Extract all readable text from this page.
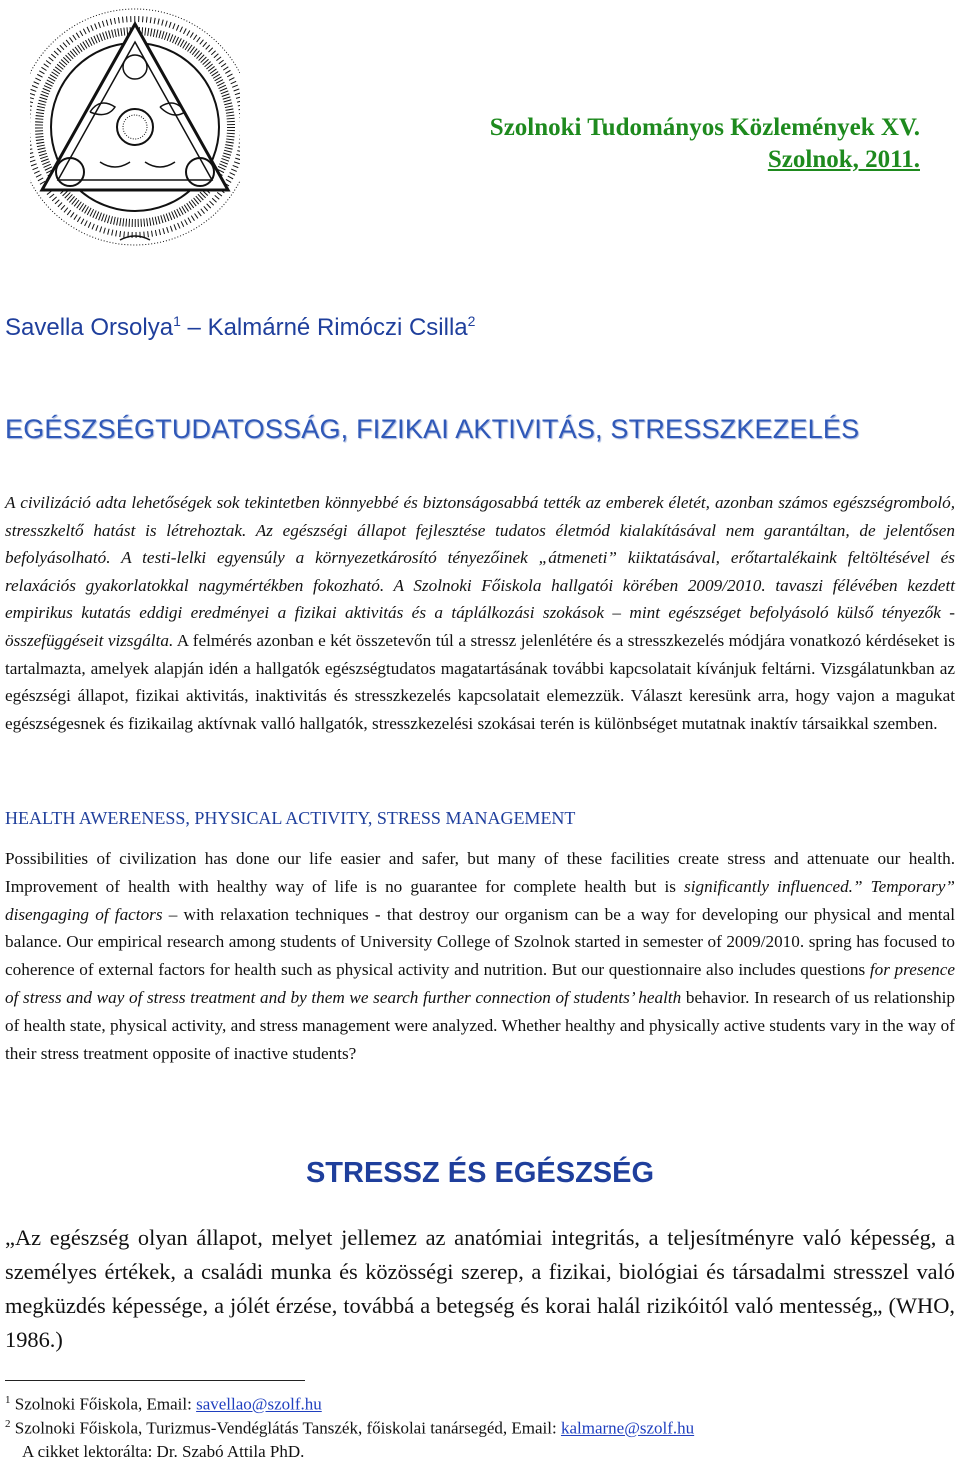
Szolnoki Tudományos Közlemények XV.
Szolnok, 2011.
Savella Orsolya$^1$ – Kalmárné Rimóczi Csilla$^2$
EGÉSZSÉGTUDATOSSÁG, FIZIKAI AKTIVITÁS, STRESSZKEZELÉS
A civilizáció adta lehetőségek sok tekintetben könnyebbé és biztonságosabbá tették az emberek életét, azonban számos egészségromboló, stresszkeltő hatást is létrehoztak. Az egészségi állapot fejlesztése tudatos életmód kialakításával nem garantáltan, de jelentősen befolyásolható. A testi-lelki egyensúly a környezetkárosító tényezőinek „átmeneti” kiiktatásával, erőtartalékaink feltöltésével és relaxációs gyakorlatokkal nagymértékben fokozható. A Szolnoki Főiskola hallgatói körében 2009/2010. tavaszi félévében kezdett empirikus kutatás eddigi eredményei a fizikai aktivitás és a táplálkozási szokások – mint egészséget befolyásoló külső tényezők - összefüggéseit vizsgálta. A felmérés azonban e két összetevőn túl a stressz jelenlétére és a stresszkezelés módjára vonatkozó kérdéseket is tartalmazta, amelyek alapján idén a hallgatók egészségtudatos magatartásának további kapcsolatait kívánjuk feltárni. Vizsgálatunkban az egészségi állapot, fizikai aktivitás, inaktivitás és stresszkezelés kapcsolatait elemezzük. Választ keresünk arra, hogy vajon a magukat egészségesnek és fizikailag aktívnak valló hallgatók, stresszkezelési szokásai terén is különbséget mutatnak inaktív társaikkal szemben.
HEALTH AWERENESS, PHYSICAL ACTIVITY, STRESS MANAGEMENT
Possibilities of civilization has done our life easier and safer, but many of these facilities create stress and attenuate our health. Improvement of health with healthy way of life is no guarantee for complete health but is significantly influenced.” Temporary” disengaging of factors – with relaxation techniques - that destroy our organism can be a way for developing our physical and mental balance. Our empirical research among students of University College of Szolnok started in semester of 2009/2010. spring has focused to coherence of external factors for health such as physical activity and nutrition. But our questionnaire also includes questions for presence of stress and way of stress treatment and by them we search further connection of students’ health behavior. In research of us relationship of health state, physical activity, and stress management were analyzed. Whether healthy and physically active students vary in the way of their stress treatment opposite of inactive students?
STRESSZ ÉS EGÉSZSÉG
„Az egészség olyan állapot, melyet jellemez az anatómiai integritás, a teljesítményre való képesség, a személyes értékek, a családi munka és közösségi szerep, a fizikai, biológiai és társadalmi stresszel való megküzdés képessége, a jólét érzése, továbbá a betegség és korai halál rizikóitól való mentesség„ (WHO, 1986.)
$^1$ Szolnoki Főiskola, Email: savellao@szolf.hu
$^2$ Szolnoki Főiskola, Turizmus-Vendéglátás Tanszék, főiskolai tanársegéd, Email: kalmarne@szolf.hu
A cikket lektorálta: Dr. Szabó Attila PhD.
